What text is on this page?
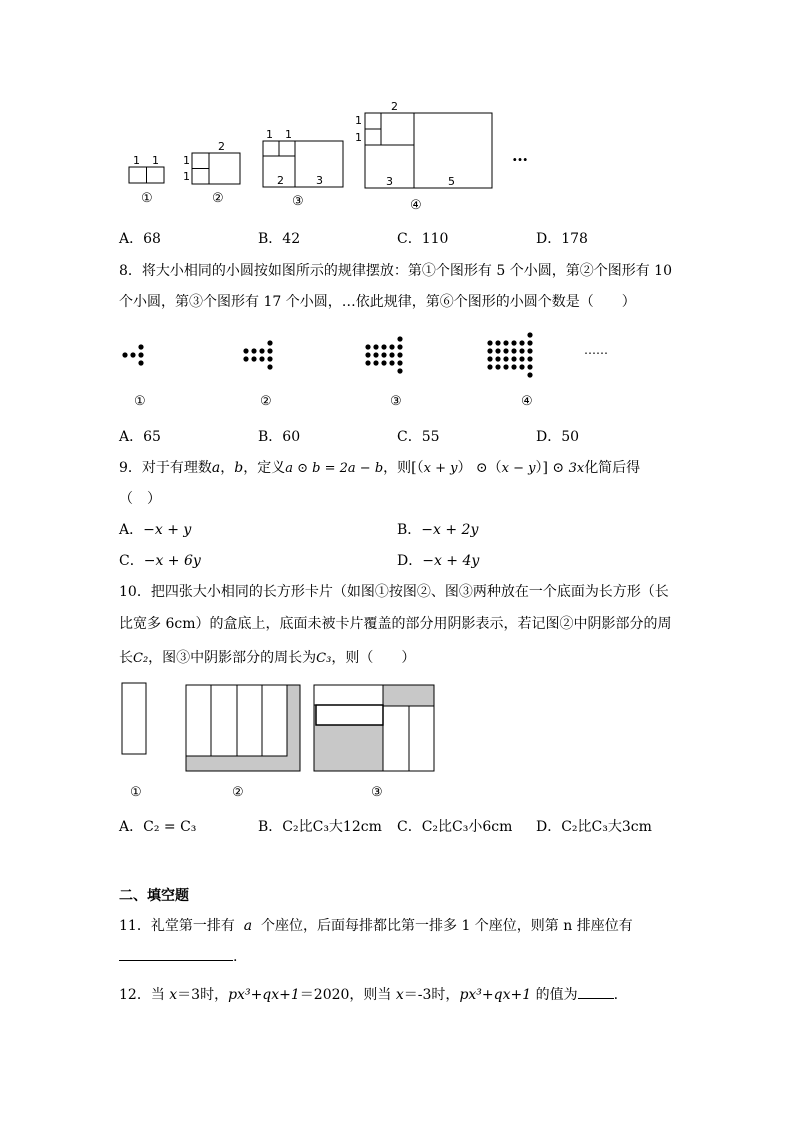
1 1
2
1
1
1 1
2	3
2
1
1
3	5
…
①	②	③	④
A．68	B．42	C．110	D．178
8．将大小相同的小圆按如图所示的规律摆放：第①个图形有 5 个小圆，第②个图形有 10
个小圆，第③个图形有 17 个小圆，…依此规律，第⑥个图形的小圆个数是（　　）
……
①	②	③	④
A．65	B．60	C．55	D．50
9．对于有理数a，b，定义a ⊙ b = 2a − b，则[（x + y） ⊙（x − y）] ⊙ 3x化简后得
（　）
A．−x + y	B．−x + 2y
C．−x + 6y	D．−x + 4y
10．把四张大小相同的长方形卡片（如图①按图②、图③两种放在一个底面为长方形（长
比宽多 6cm）的盒底上，底面未被卡片覆盖的部分用阴影表示，若记图②中阴影部分的周
长C₂，图③中阴影部分的周长为C₃，则（　　）
①	②	③
A．C₂ = C₃	B．C₂比C₃大12cm C．C₂比C₃小6cm D．C₂比C₃大3cm
二、填空题
11．礼堂第一排有 a 个座位，后面每排都比第一排多 1 个座位，则第 n 排座位有
.
12．当 x＝3时，px³+qx+1＝2020，则当 x＝-3时，px³+qx+1 的值为	.
